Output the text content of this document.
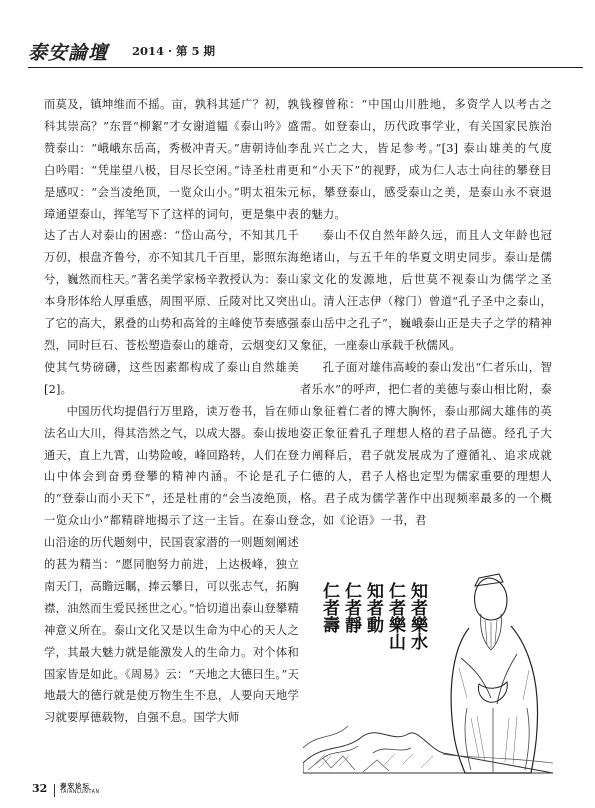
泰安論壇 2014 · 第 5 期

而莫及，镇坤维而不摇。亩，孰科其延广？初，孰科其崇高？”东晋“柳絮”才女谢道韫《泰山吟》盛赞泰山：“峨峨东岳高，秀极冲青天。”唐朝诗仙李白吟唱：“凭崖望八极，目尽长空闲。”诗圣杜甫更是感叹：“会当凌绝顶，一览众山小。”明太祖朱元璋通望泰山，挥笔写下了这样的词句，更是集中表达了古人对泰山的困惑：“岱山高兮，不知其几千万仞，根盘齐鲁兮，亦不知其几千百里，影照东海兮，巍然而柱天。”著名美学家杨辛教授认为：泰山本身形体给人厚重感，周围平原、丘陵对比又突出了它的高大，累叠的山势和高耸的主峰使节奏感强烈，同时巨石、苍松塑造泰山的雄奇，云烟变幻又使其气势磅礴，这些因素都构成了泰山自然雄美 [2]。

中国历代均提倡行万里路，读万卷书，旨在师法名山大川，得其浩然之气，以成大器。泰山拔地通天，直上九霄，山势险峻，峰回路转，人们在登山中体会到奋勇登攀的精神内涵。不论是孔子的“登泰山而小天下”，还是杜甫的“会当凌绝顶，一览众山小”都精辟地揭示了这一主旨。在泰山登山沿途的历代题刻中，民国袁家潜的一则题刻阐述的甚为精当：“愿同胞努力前进，上达极峰，独立南天门，高瞻远瞩，捧云攀日，可以张志气，拓胸襟，油然而生爱民拯世之心。”恰切道出泰山登攀精神意义所在。泰山文化又是以生命为中心的天人之学，其最大魅力就是能激发人的生命力。对个体和国家皆是如此。《周易》云：“天地之大德曰生。”天地最大的德行就是使万物生生不息，人要向天地学习就要厚德载物，自强不息。国学大师

钱穆曾称：“中国山川胜地，多资学人以考古之需。如登泰山，历代政事学业，有关国家民族治乱兴亡之大，皆足参考。”[3] 泰山雄美的气度和“小天下”的视野，成为仁人志士向往的攀登目标，攀登泰山，感受泰山之美，是泰山永不衰退的魅力。

泰山不仅自然年龄久远，而且人文年龄也冠绝诸山，与五千年的华夏文明史同步。泰山是儒家文化的发源地，后世莫不视泰山为儒学之圣山。清人汪志伊（稼门）曾道“孔子圣中之泰山，泰山岳中之孔子”，巍峨泰山正是夫子之学的精神象征，一座泰山承载千秋儒风。

孔子面对雄伟高峻的泰山发出“仁者乐山，智者乐水”的呼声，把仁者的美德与泰山相比附，泰山象征着仁者的博大胸怀，泰山那阔大雄伟的英姿正象征着孔子理想人格的君子品德。经孔子大力阐释后，君子就发展成为了遵循礼、追求成就仁德的人，君子人格也定型为儒家重要的理想人格。君子成为儒学著作中出现频率最多的一个概念，如《论语》一书，君

知者樂水
仁者樂山
知者動
仁者靜
仁者壽
32 泰安论坛
TAIANLUNTAN
